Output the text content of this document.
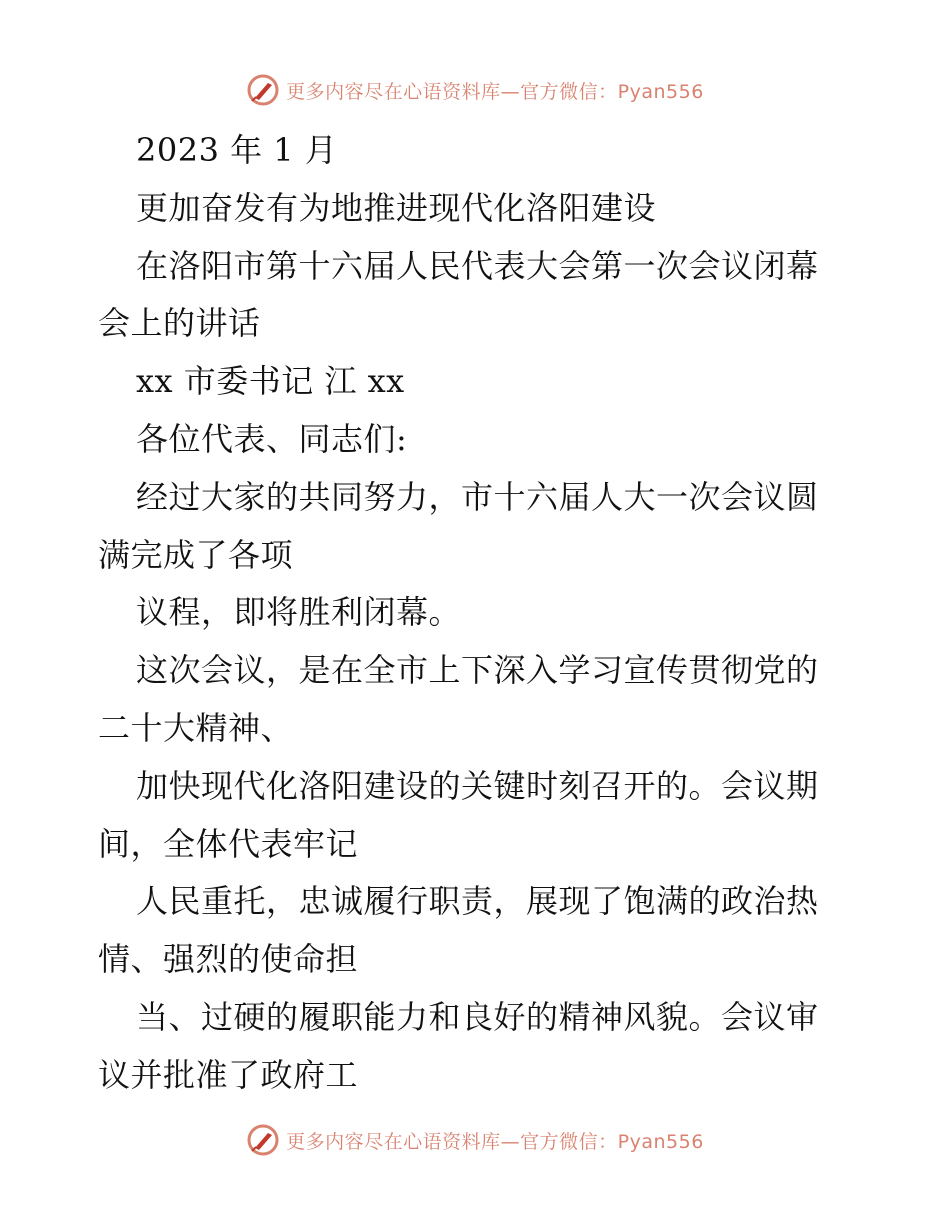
更多内容尽在心语资料库—官方微信：Pyan556

2023 年 1 月

更加奋发有为地推进现代化洛阳建设

在洛阳市第十六届人民代表大会第一次会议闭幕

会上的讲话

xx 市委书记 江 xx

各位代表、同志们:

经过大家的共同努力，市十六届人大一次会议圆

满完成了各项

议程，即将胜利闭幕。

这次会议，是在全市上下深入学习宣传贯彻党的

二十大精神、

加快现代化洛阳建设的关键时刻召开的。会议期

间，全体代表牢记

人民重托，忠诚履行职责，展现了饱满的政治热

情、强烈的使命担

当、过硬的履职能力和良好的精神风貌。会议审

议并批准了政府工

更多内容尽在心语资料库—官方微信：Pyan556
